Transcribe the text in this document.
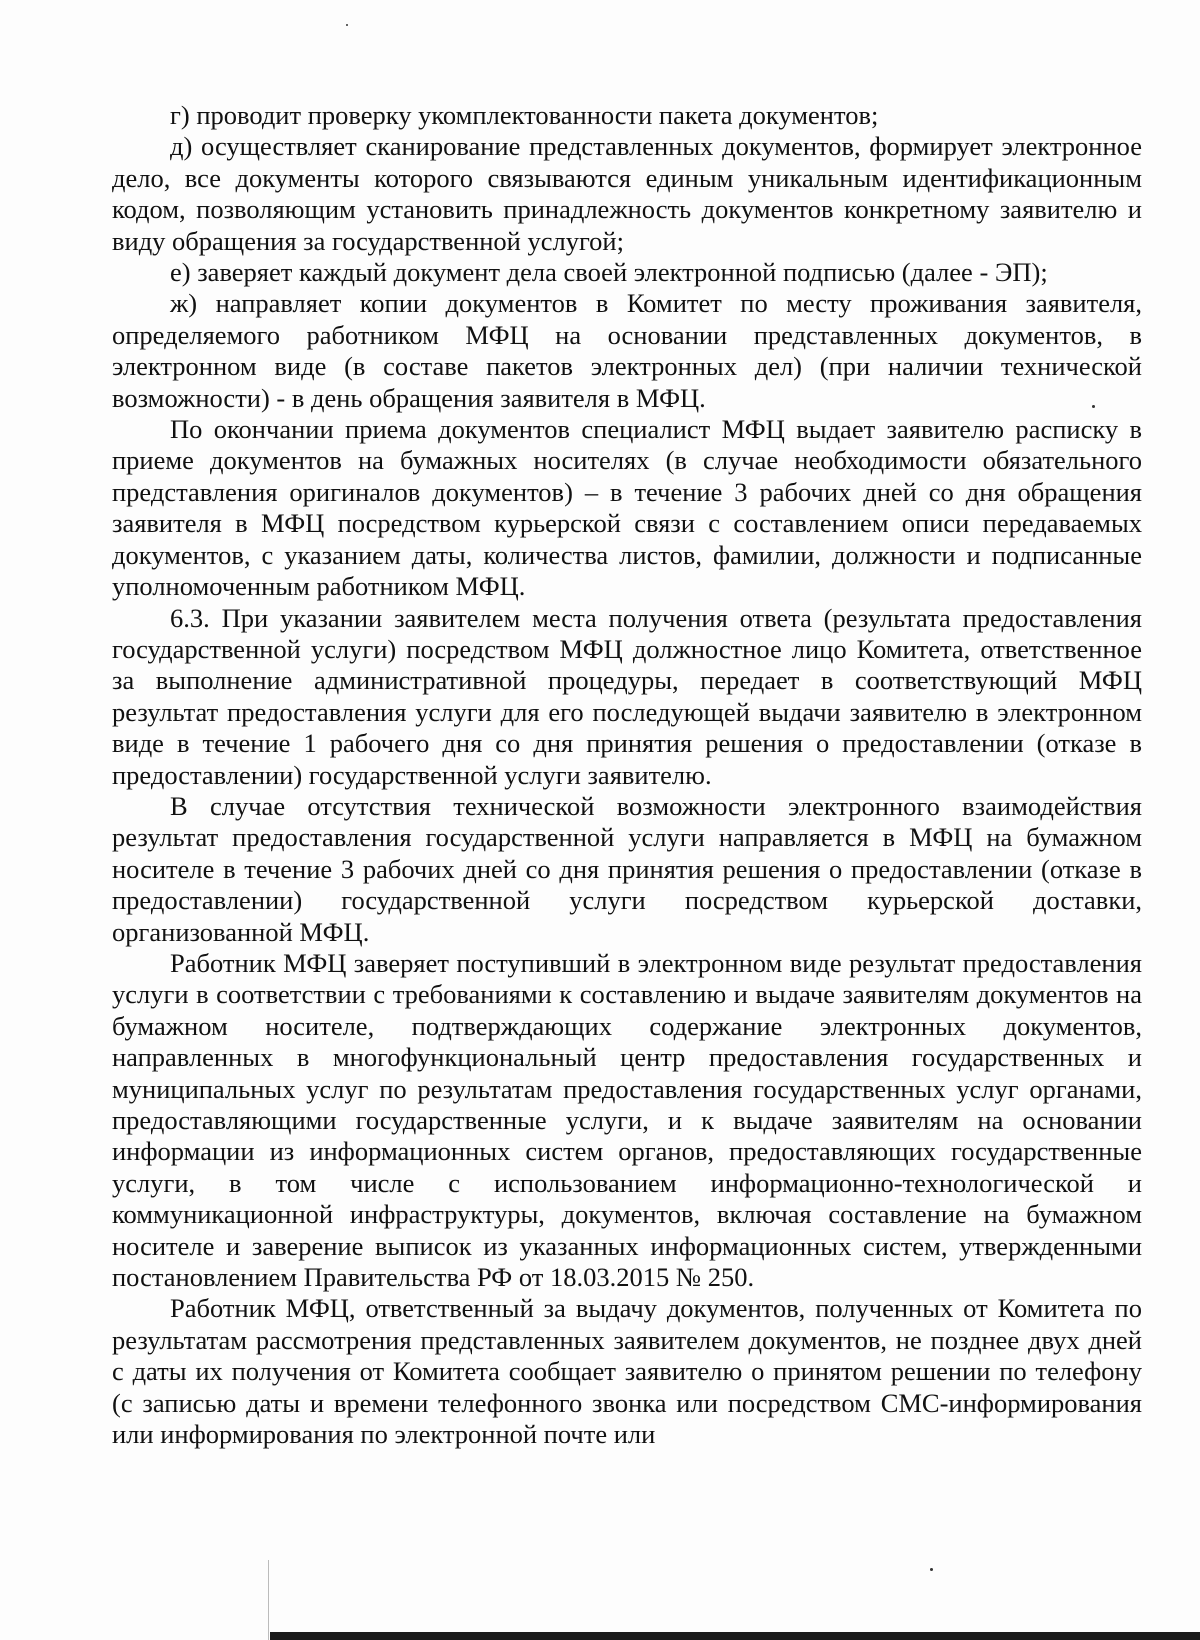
г) проводит проверку укомплектованности пакета документов;

д) осуществляет сканирование представленных документов, формирует электронное дело, все документы которого связываются единым уникальным идентификационным кодом, позволяющим установить принадлежность документов конкретному заявителю и виду обращения за государственной услугой;

е) заверяет каждый документ дела своей электронной подписью (далее - ЭП);

ж) направляет копии документов в Комитет по месту проживания заявителя, определяемого работником МФЦ на основании представленных документов, в электронном виде (в составе пакетов электронных дел) (при наличии технической возможности) - в день обращения заявителя в МФЦ.

По окончании приема документов специалист МФЦ выдает заявителю расписку в приеме документов на бумажных носителях (в случае необходимости обязательного представления оригиналов документов) – в течение 3 рабочих дней со дня обращения заявителя в МФЦ посредством курьерской связи с составлением описи передаваемых документов, с указанием даты, количества листов, фамилии, должности и подписанные уполномоченным работником МФЦ.

6.3. При указании заявителем места получения ответа (результата предоставления государственной услуги) посредством МФЦ должностное лицо Комитета, ответственное за выполнение административной процедуры, передает в соответствующий МФЦ результат предоставления услуги для его последующей выдачи заявителю в электронном виде в течение 1 рабочего дня со дня принятия решения о предоставлении (отказе в предоставлении) государственной услуги заявителю.

В случае отсутствия технической возможности электронного взаимодействия результат предоставления государственной услуги направляется в МФЦ на бумажном носителе в течение 3 рабочих дней со дня принятия решения о предоставлении (отказе в предоставлении) государственной услуги посредством курьерской доставки, организованной МФЦ.

Работник МФЦ заверяет поступивший в электронном виде результат предоставления услуги в соответствии с требованиями к составлению и выдаче заявителям документов на бумажном носителе, подтверждающих содержание электронных документов, направленных в многофункциональный центр предоставления государственных и муниципальных услуг по результатам предоставления государственных услуг органами, предоставляющими государственные услуги, и к выдаче заявителям на основании информации из информационных систем органов, предоставляющих государственные услуги, в том числе с использованием информационно-технологической и коммуникационной инфраструктуры, документов, включая составление на бумажном носителе и заверение выписок из указанных информационных систем, утвержденными постановлением Правительства РФ от 18.03.2015 № 250.

Работник МФЦ, ответственный за выдачу документов, полученных от Комитета по результатам рассмотрения представленных заявителем документов, не позднее двух дней с даты их получения от Комитета сообщает заявителю о принятом решении по телефону (с записью даты и времени телефонного звонка или посредством СМС-информирования или информирования по электронной почте или
